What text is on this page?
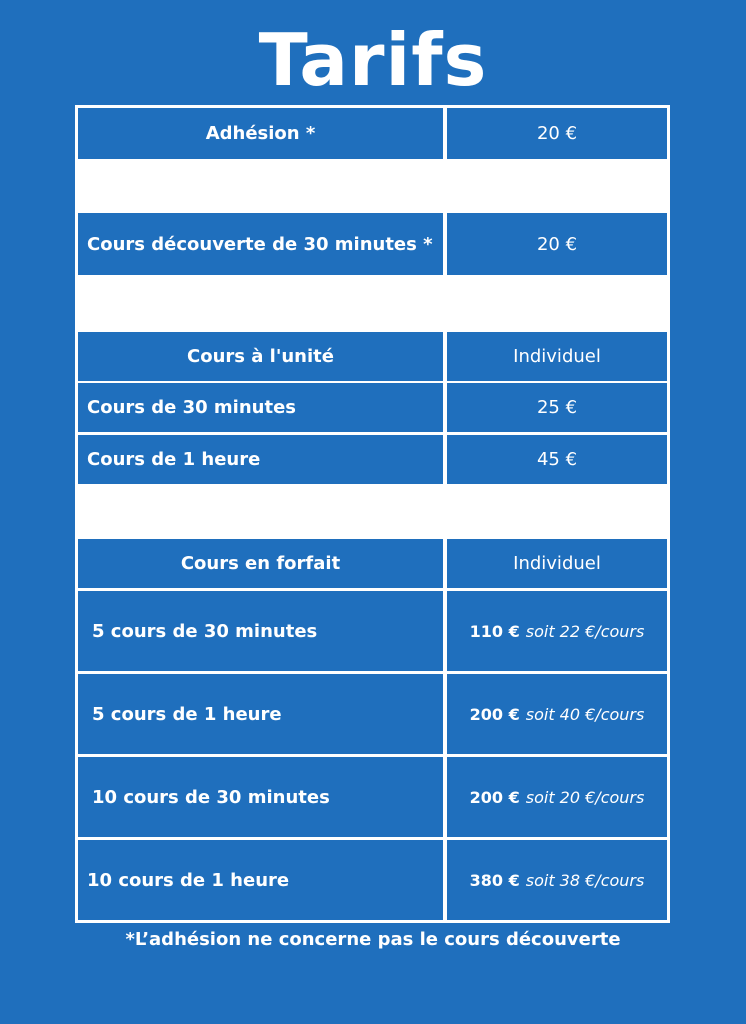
Tarifs
Adhésion *	20 €
Cours découverte de 30 minutes *	20 €
Cours à l'unité	Individuel
Cours de 30 minutes	25 €
Cours de 1 heure	45 €
Cours en forfait	Individuel
5 cours de 30 minutes	110 € soit 22 €/cours
5 cours de 1 heure	200 € soit 40 €/cours
10 cours de 30 minutes	200 € soit 20 €/cours
10 cours de 1 heure	380 € soit 38 €/cours
*L’adhésion ne concerne pas le cours découverte
